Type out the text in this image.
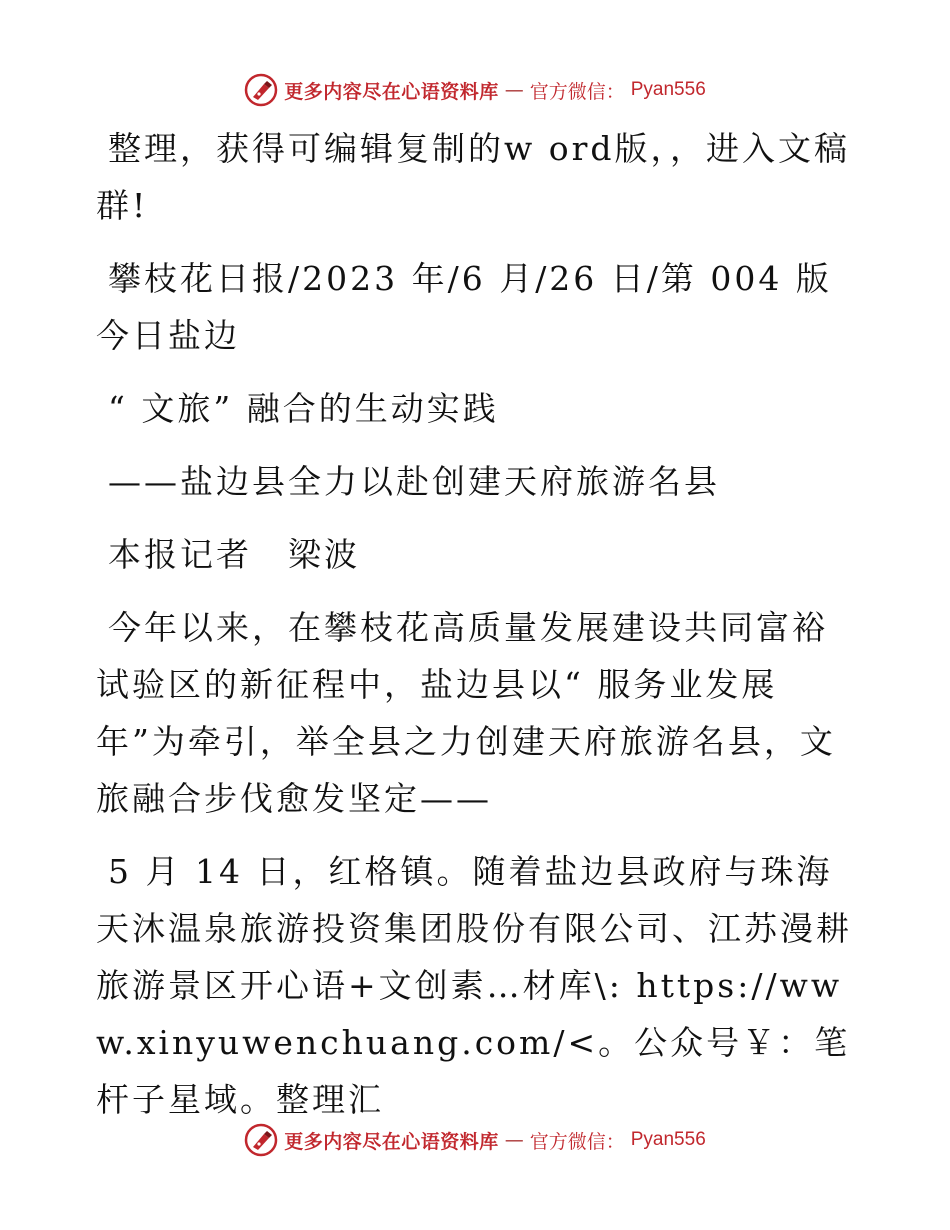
更多内容尽在心语资料库 — 官方微信： Pyan556

整理，获得可编辑复制的w ord版，，进入文稿群!

攀枝花日报/2023 年/6 月/26 日/第 004 版今日盐边

“ 文旅” 融合的生动实践

——盐边县全力以赴创建天府旅游名县

本报记者　梁波

今年以来，在攀枝花高质量发展建设共同富裕试验区的新征程中，盐边县以“ 服务业发展年”为牵引，举全县之力创建天府旅游名县，文旅融合步伐愈发坚定——

5 月 14 日，红格镇。随着盐边县政府与珠海天沐温泉旅游投资集团股份有限公司、江苏漫耕旅游景区开心语+文创素…材库\: https://www.xinyuwenchuang.com/<。公众号￥：笔杆子星域。整理汇

更多内容尽在心语资料库 — 官方微信： Pyan556
